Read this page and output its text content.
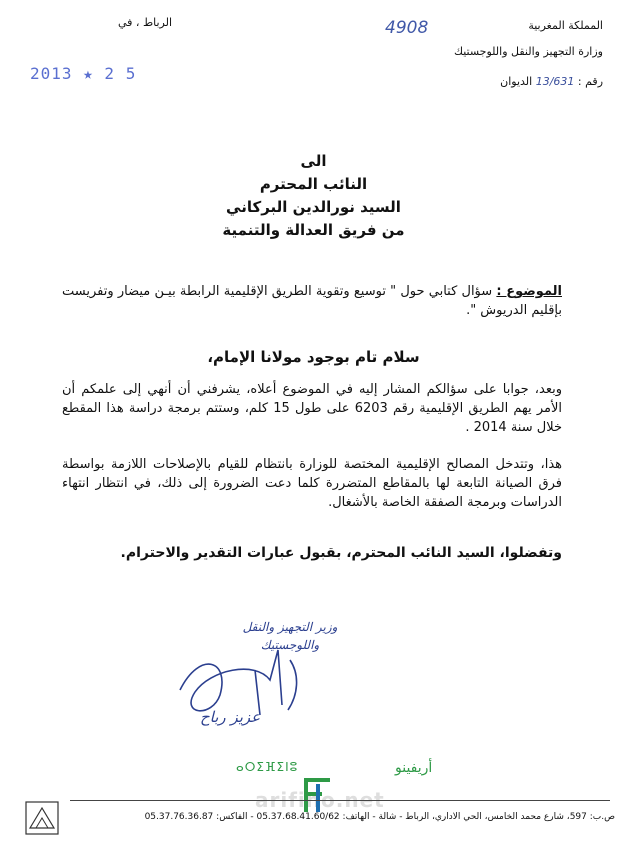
المملكة المغربية
وزارة التجهيز والنقل واللوجستيك
رقم : 13/631 الديوان
الرباط ، في	4908
2013 ★ 2 5
الى
النائب المحترم
السيد نورالدين البركاني
من فريق العدالة والتنمية
الموضوع : سؤال كتابي حول " توسيع وتقوية الطريق الإقليمية الرابطة بيـن ميضار وتفريست بإقليم الدريوش ".
سلام تام بوجود مولانا الإمام،
وبعد، جوابا على سؤالكم المشار إليه في الموضوع أعلاه، يشرفني أن أنهي إلى علمكم أن الأمر يهم الطريق الإقليمية رقم 6203 على طول 15 كلم، وستتم برمجة دراسة هذا المقطع خلال سنة 2014 .
هذا، وتتدخل المصالح الإقليمية المختصة للوزارة بانتظام للقيام بالإصلاحات اللازمة بواسطة فرق الصيانة التابعة لها بالمقاطع المتضررة كلما دعت الضرورة إلى ذلك، في انتظار انتهاء الدراسات وبرمجة الصفقة الخاصة بالأشغال.
وتفضلوا، السيد النائب المحترم، بقبول عبارات التقدير والاحترام.
وزير التجهيز والنقل
واللوجستيك
عزيز رباح
ⴰⵔⵉⴼⵉⵏⵓ	أريفينو
ص.ب: 597، شارع محمد الخامس، الحي الاداري، الرباط - شالة - الهاتف: 05.37.68.41.60/62 - الفاكس: 05.37.76.36.87
